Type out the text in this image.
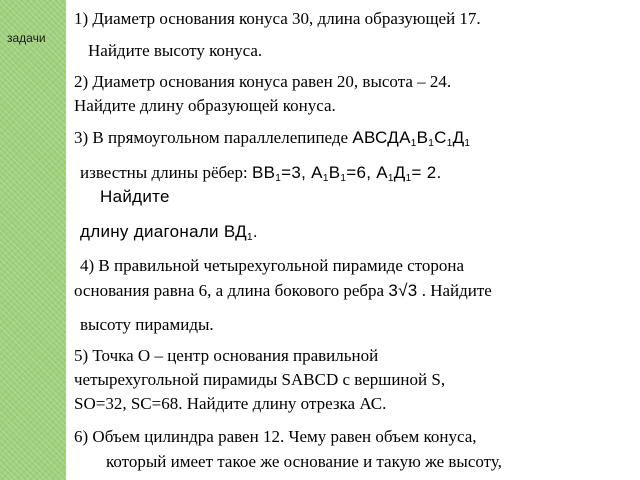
задачи
1) Диаметр основания конуса 30, длина образующей 17.
Найдите высоту конуса.
2) Диаметр основания конуса равен 20, высота – 24.
Найдите длину образующей конуса.
3) В прямоугольном параллелепипеде $АВСДА_1В_1С_1Д_1$
известны длины рёбер: $ВВ_1=3$, $А_1В_1=6$, $А_1Д_1= 2$.
Найдите
длину диагонали $ВД_1$.
4) В правильной четырехугольной пирамиде сторона
основания равна 6, а длина бокового ребра 3√3 . Найдите
высоту пирамиды.
5) Точка О – центр основания правильной
четырехугольной пирамиды SABCD с вершиной S,
SO=32, SC=68. Найдите длину отрезка АС.
6) Объем цилиндра равен 12. Чему равен объем конуса,
который имеет такое же основание и такую же высоту,
